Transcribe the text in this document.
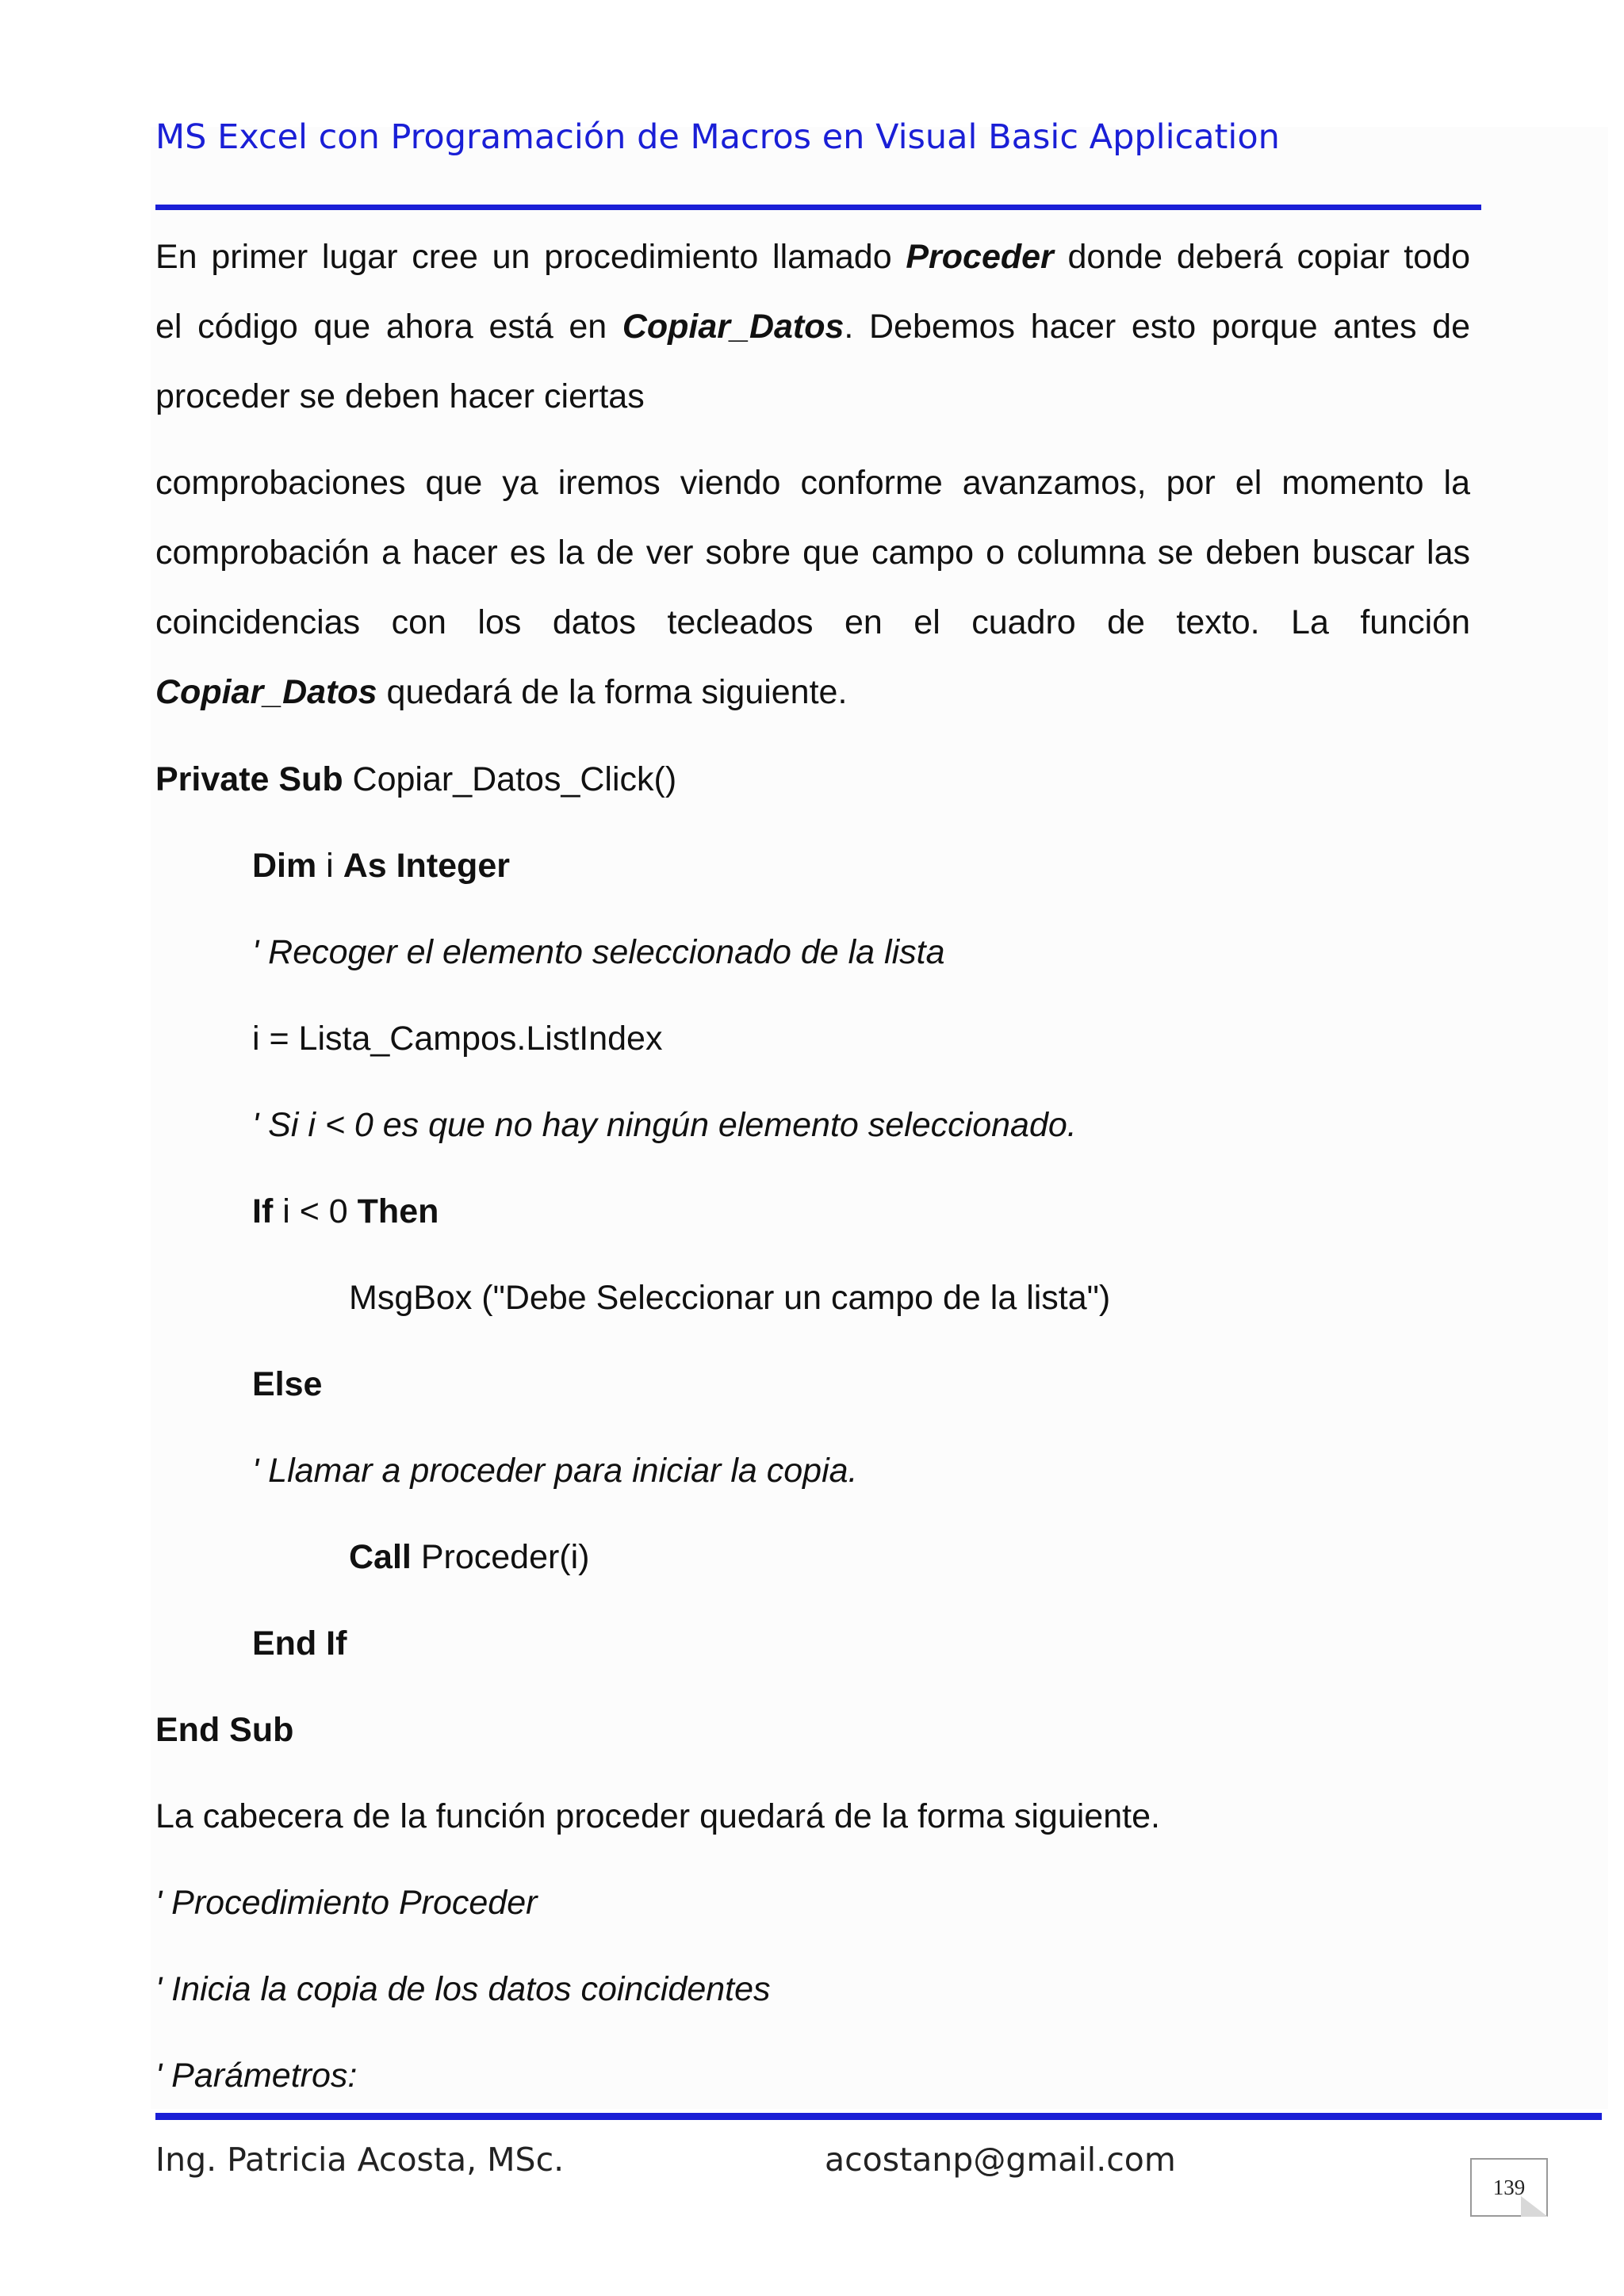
MS Excel con Programación de Macros en Visual Basic Application
En primer lugar cree un procedimiento llamado Proceder donde deberá copiar todo
el código que ahora está en Copiar_Datos. Debemos hacer esto porque antes de
proceder se deben hacer ciertas
comprobaciones que ya iremos viendo conforme avanzamos, por el momento la
comprobación a hacer es la de ver sobre que campo o columna se deben buscar las
coincidencias con los datos tecleados en el cuadro de texto. La función
Copiar_Datos quedará de la forma siguiente.
Private Sub Copiar_Datos_Click()
Dim i As Integer
' Recoger el elemento seleccionado de la lista
i = Lista_Campos.ListIndex
' Si i < 0 es que no hay ningún elemento seleccionado.
If i < 0 Then
MsgBox ("Debe Seleccionar un campo de la lista")
Else
' Llamar a proceder para iniciar la copia.
Call Proceder(i)
End If
End Sub
La cabecera de la función proceder quedará de la forma siguiente.
' Procedimiento Proceder
' Inicia la copia de los datos coincidentes
' Parámetros:
Ing. Patricia Acosta, MSc.	acostanp@gmail.com
139
